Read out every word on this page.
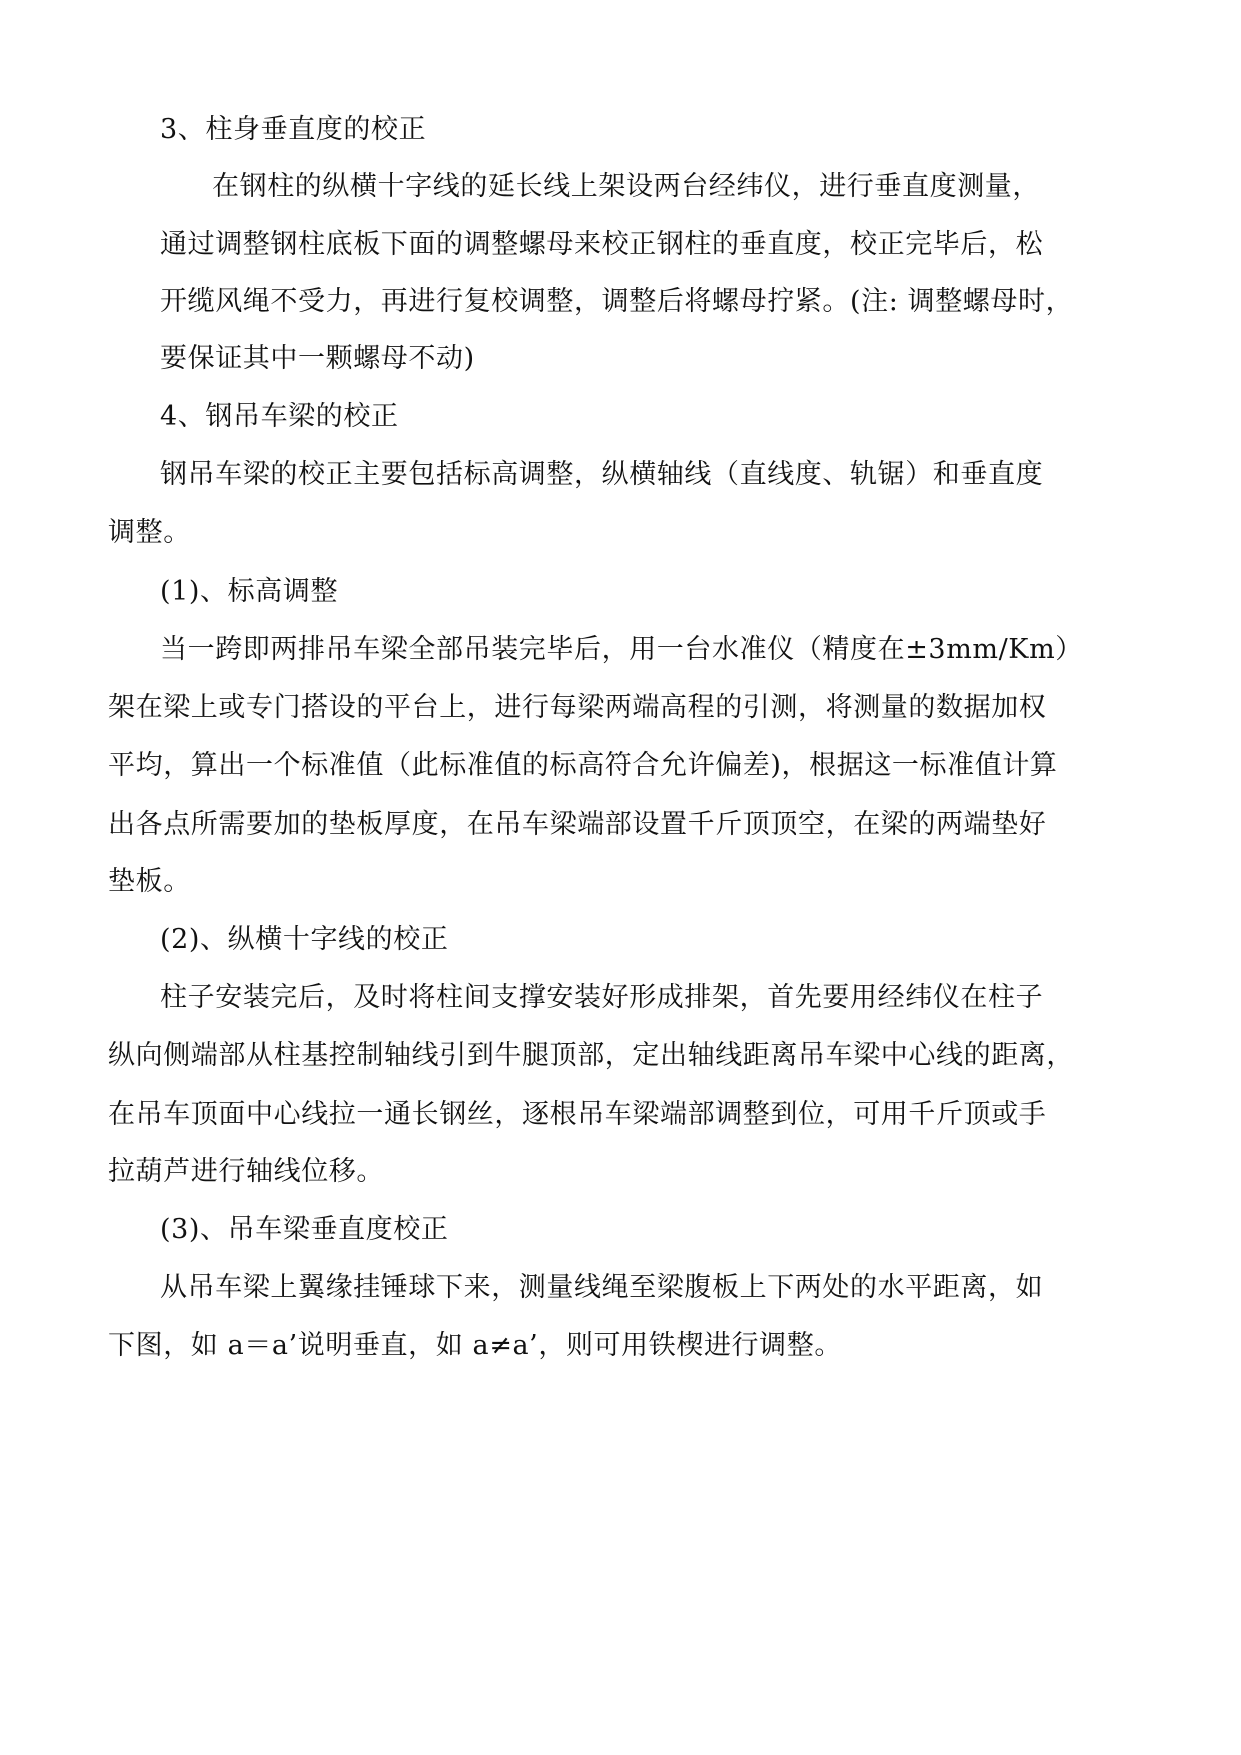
3、柱身垂直度的校正

在钢柱的纵横十字线的延长线上架设两台经纬仪，进行垂直度测量，

通过调整钢柱底板下面的调整螺母来校正钢柱的垂直度，校正完毕后，松

开缆风绳不受力，再进行复校调整，调整后将螺母拧紧。(注: 调整螺母时，

要保证其中一颗螺母不动)

4、钢吊车梁的校正

钢吊车梁的校正主要包括标高调整，纵横轴线（直线度、轨锯）和垂直度

调整。

(1)、标高调整

当一跨即两排吊车梁全部吊装完毕后，用一台水准仪（精度在±3mm/Km）

架在梁上或专门搭设的平台上，进行每梁两端高程的引测，将测量的数据加权

平均，算出一个标准值（此标准值的标高符合允许偏差)，根据这一标准值计算

出各点所需要加的垫板厚度，在吊车梁端部设置千斤顶顶空，在梁的两端垫好

垫板。

(2)、纵横十字线的校正

柱子安装完后，及时将柱间支撑安装好形成排架，首先要用经纬仪在柱子

纵向侧端部从柱基控制轴线引到牛腿顶部，定出轴线距离吊车梁中心线的距离，

在吊车顶面中心线拉一通长钢丝，逐根吊车梁端部调整到位，可用千斤顶或手

拉葫芦进行轴线位移。

(3)、吊车梁垂直度校正

从吊车梁上翼缘挂锤球下来，测量线绳至梁腹板上下两处的水平距离，如

下图，如 a＝a’说明垂直，如 a≠a’，则可用铁楔进行调整。
